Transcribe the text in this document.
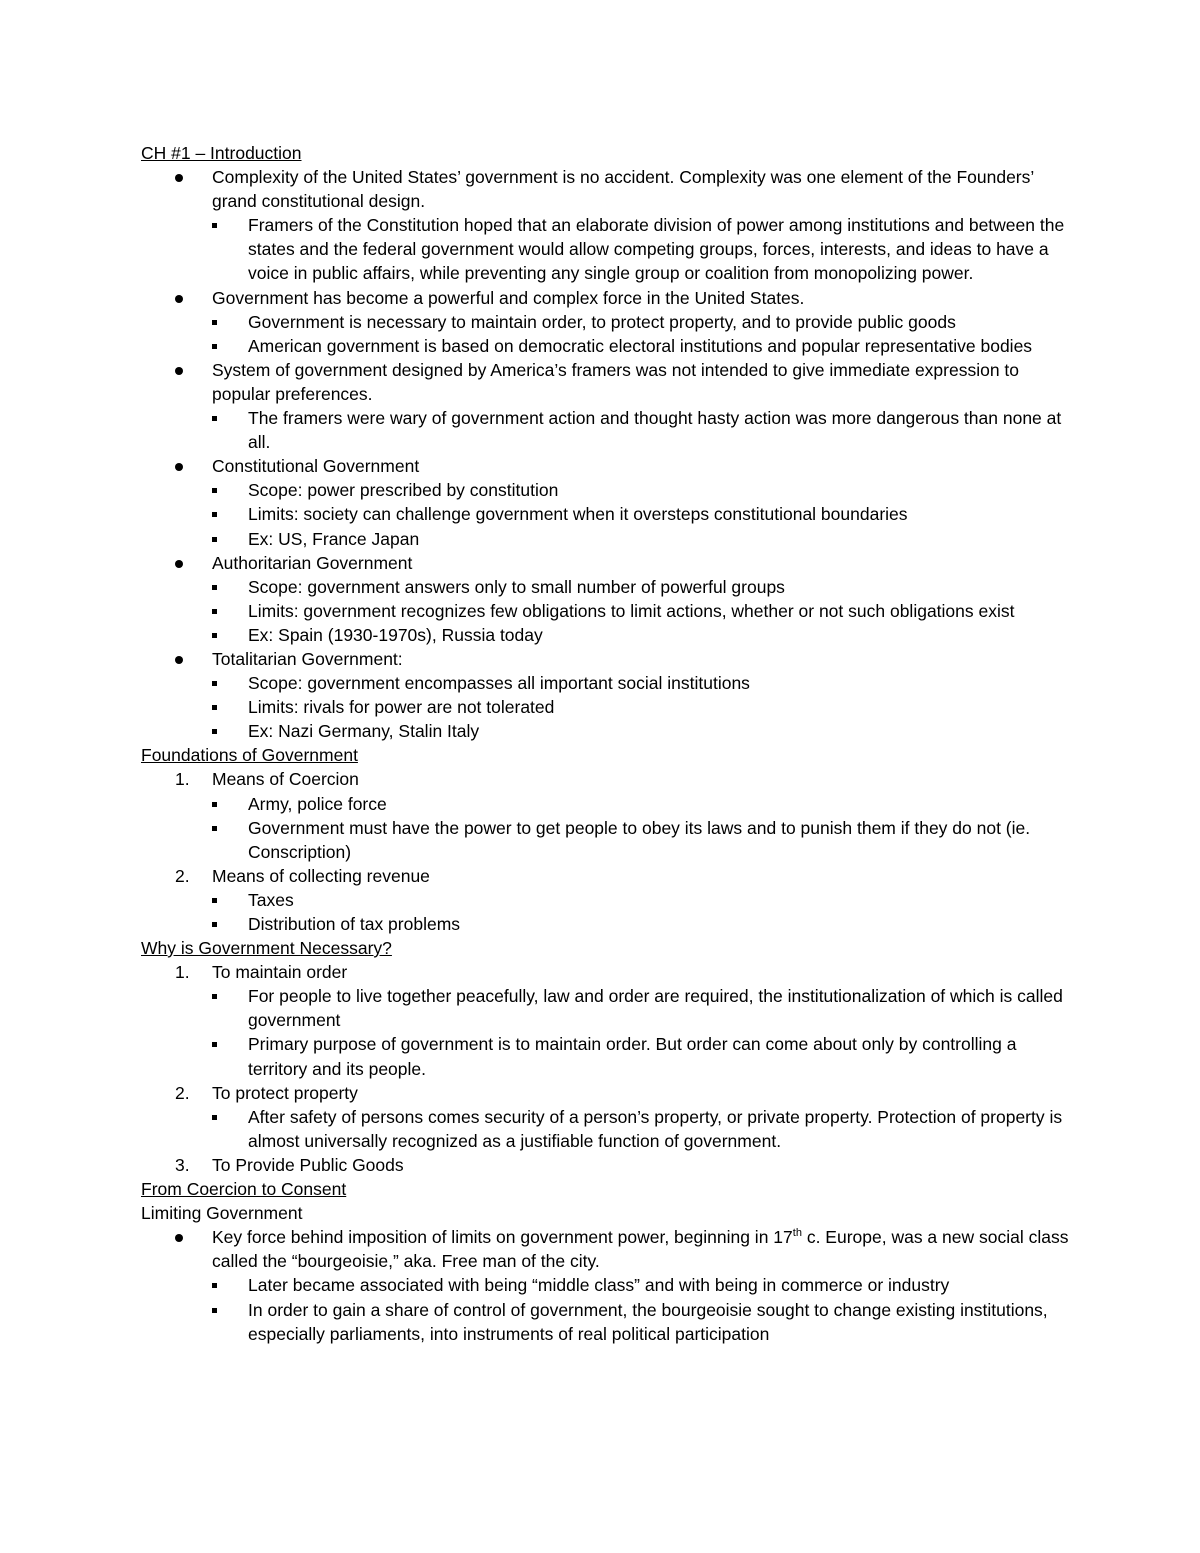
CH #1 – Introduction

Complexity of the United States’ government is no accident. Complexity was one element of the Founders’ grand constitutional design.
Framers of the Constitution hoped that an elaborate division of power among institutions and between the states and the federal government would allow competing groups, forces, interests, and ideas to have a voice in public affairs, while preventing any single group or coalition from monopolizing power.
Government has become a powerful and complex force in the United States.
Government is necessary to maintain order, to protect property, and to provide public goods
American government is based on democratic electoral institutions and popular representative bodies
System of government designed by America’s framers was not intended to give immediate expression to popular preferences.
The framers were wary of government action and thought hasty action was more dangerous than none at all.
Constitutional Government
Scope: power prescribed by constitution
Limits: society can challenge government when it oversteps constitutional boundaries
Ex: US, France Japan
Authoritarian Government
Scope: government answers only to small number of powerful groups
Limits: government recognizes few obligations to limit actions, whether or not such obligations exist
Ex: Spain (1930-1970s), Russia today
Totalitarian Government:
Scope: government encompasses all important social institutions
Limits: rivals for power are not tolerated
Ex: Nazi Germany, Stalin Italy

Foundations of Government

1. Means of Coercion
Army, police force
Government must have the power to get people to obey its laws and to punish them if they do not (ie. Conscription)
2. Means of collecting revenue
Taxes
Distribution of tax problems

Why is Government Necessary?

1. To maintain order
For people to live together peacefully, law and order are required, the institutionalization of which is called government
Primary purpose of government is to maintain order. But order can come about only by controlling a territory and its people.
2. To protect property
After safety of persons comes security of a person’s property, or private property. Protection of property is almost universally recognized as a justifiable function of government.
3. To Provide Public Goods

From Coercion to Consent

Limiting Government

Key force behind imposition of limits on government power, beginning in 17th c. Europe, was a new social class called the “bourgeoisie,” aka. Free man of the city.
Later became associated with being “middle class” and with being in commerce or industry
In order to gain a share of control of government, the bourgeoisie sought to change existing institutions, especially parliaments, into instruments of real political participation
